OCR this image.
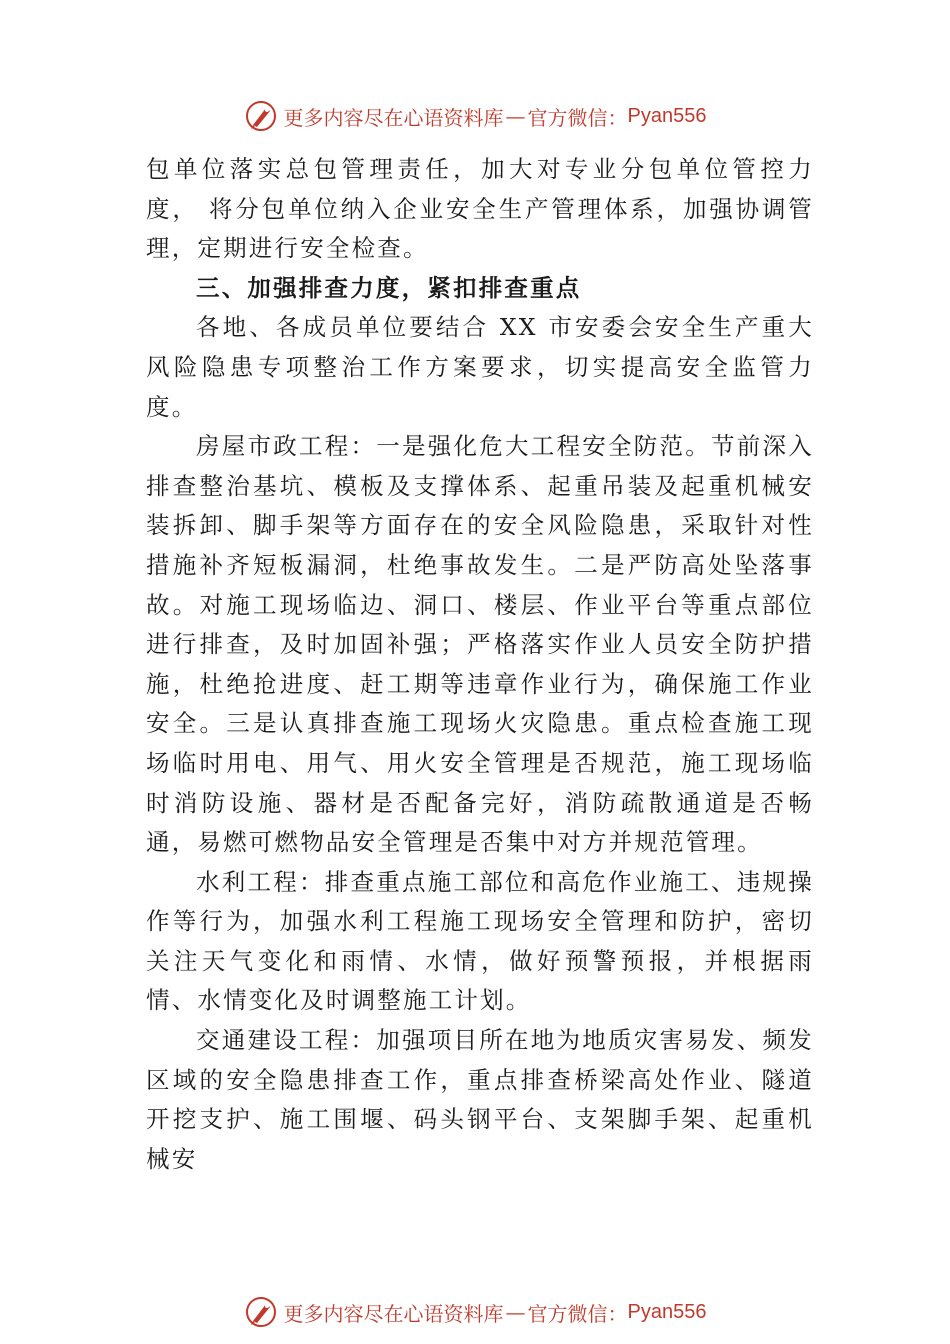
更多内容尽在心语资料库 — 官方微信： Pyan556

包单位落实总包管理责任，加大对专业分包单位管控力度， 将分包单位纳入企业安全生产管理体系，加强协调管理，定期进行安全检查。

三、加强排查力度，紧扣排查重点

各地、各成员单位要结合 XX 市安委会安全生产重大风险隐患专项整治工作方案要求，切实提高安全监管力度。

房屋市政工程：一是强化危大工程安全防范。节前深入排查整治基坑、模板及支撑体系、起重吊装及起重机械安装拆卸、脚手架等方面存在的安全风险隐患，采取针对性措施补齐短板漏洞，杜绝事故发生。二是严防高处坠落事故。对施工现场临边、洞口、楼层、作业平台等重点部位进行排查，及时加固补强；严格落实作业人员安全防护措施，杜绝抢进度、赶工期等违章作业行为，确保施工作业安全。三是认真排查施工现场火灾隐患。重点检查施工现场临时用电、用气、用火安全管理是否规范，施工现场临时消防设施、器材是否配备完好，消防疏散通道是否畅通，易燃可燃物品安全管理是否集中对方并规范管理。

水利工程：排查重点施工部位和高危作业施工、违规操作等行为，加强水利工程施工现场安全管理和防护，密切关注天气变化和雨情、水情，做好预警预报，并根据雨情、水情变化及时调整施工计划。

交通建设工程：加强项目所在地为地质灾害易发、频发区域的安全隐患排查工作，重点排查桥梁高处作业、隧道开挖支护、施工围堰、码头钢平台、支架脚手架、起重机械安

更多内容尽在心语资料库 — 官方微信： Pyan556
